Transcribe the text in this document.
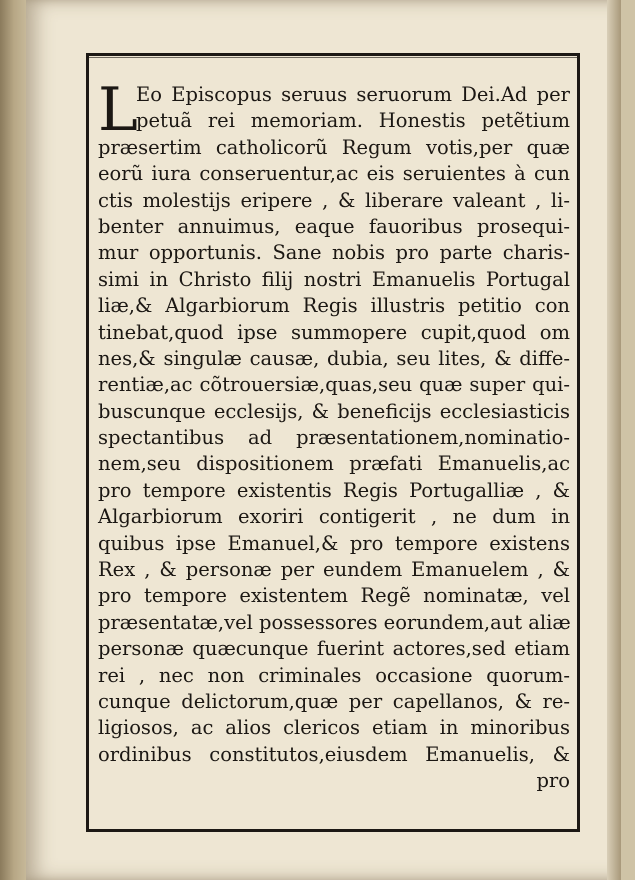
L
Eo Episcopus seruus seruorum Dei.Ad per
petuã rei memoriam. Honestis petẽtium
præsertim catholicorũ Regum votis,per quæ
eorũ iura conseruentur,ac eis seruientes à cun
ctis molestijs eripere , & liberare valeant , li-
benter annuimus, eaque fauoribus prosequi-
mur opportunis. Sane nobis pro parte charis-
simi in Christo filij nostri Emanuelis Portugal
liæ,& Algarbiorum Regis illustris petitio con
tinebat,quod ipse summopere cupit,quod om
nes,& singulæ causæ, dubia, seu lites, & diffe-
rentiæ,ac cõtrouersiæ,quas,seu quæ super qui-
buscunque ecclesijs, & beneficijs ecclesiasticis
spectantibus ad præsentationem,nominatio-
nem,seu dispositionem præfati Emanuelis,ac
pro tempore existentis Regis Portugalliæ , &
Algarbiorum exoriri contigerit , ne dum in
quibus ipse Emanuel,& pro tempore existens
Rex , & personæ per eundem Emanuelem , &
pro tempore existentem Regẽ nominatæ, vel
præsentatæ,vel possessores eorundem,aut aliæ
personæ quæcunque fuerint actores,sed etiam
rei , nec non criminales occasione quorum-
cunque delictorum,quæ per capellanos, & re-
ligiosos, ac alios clericos etiam in minoribus
ordinibus constitutos,eiusdem Emanuelis, &
pro
